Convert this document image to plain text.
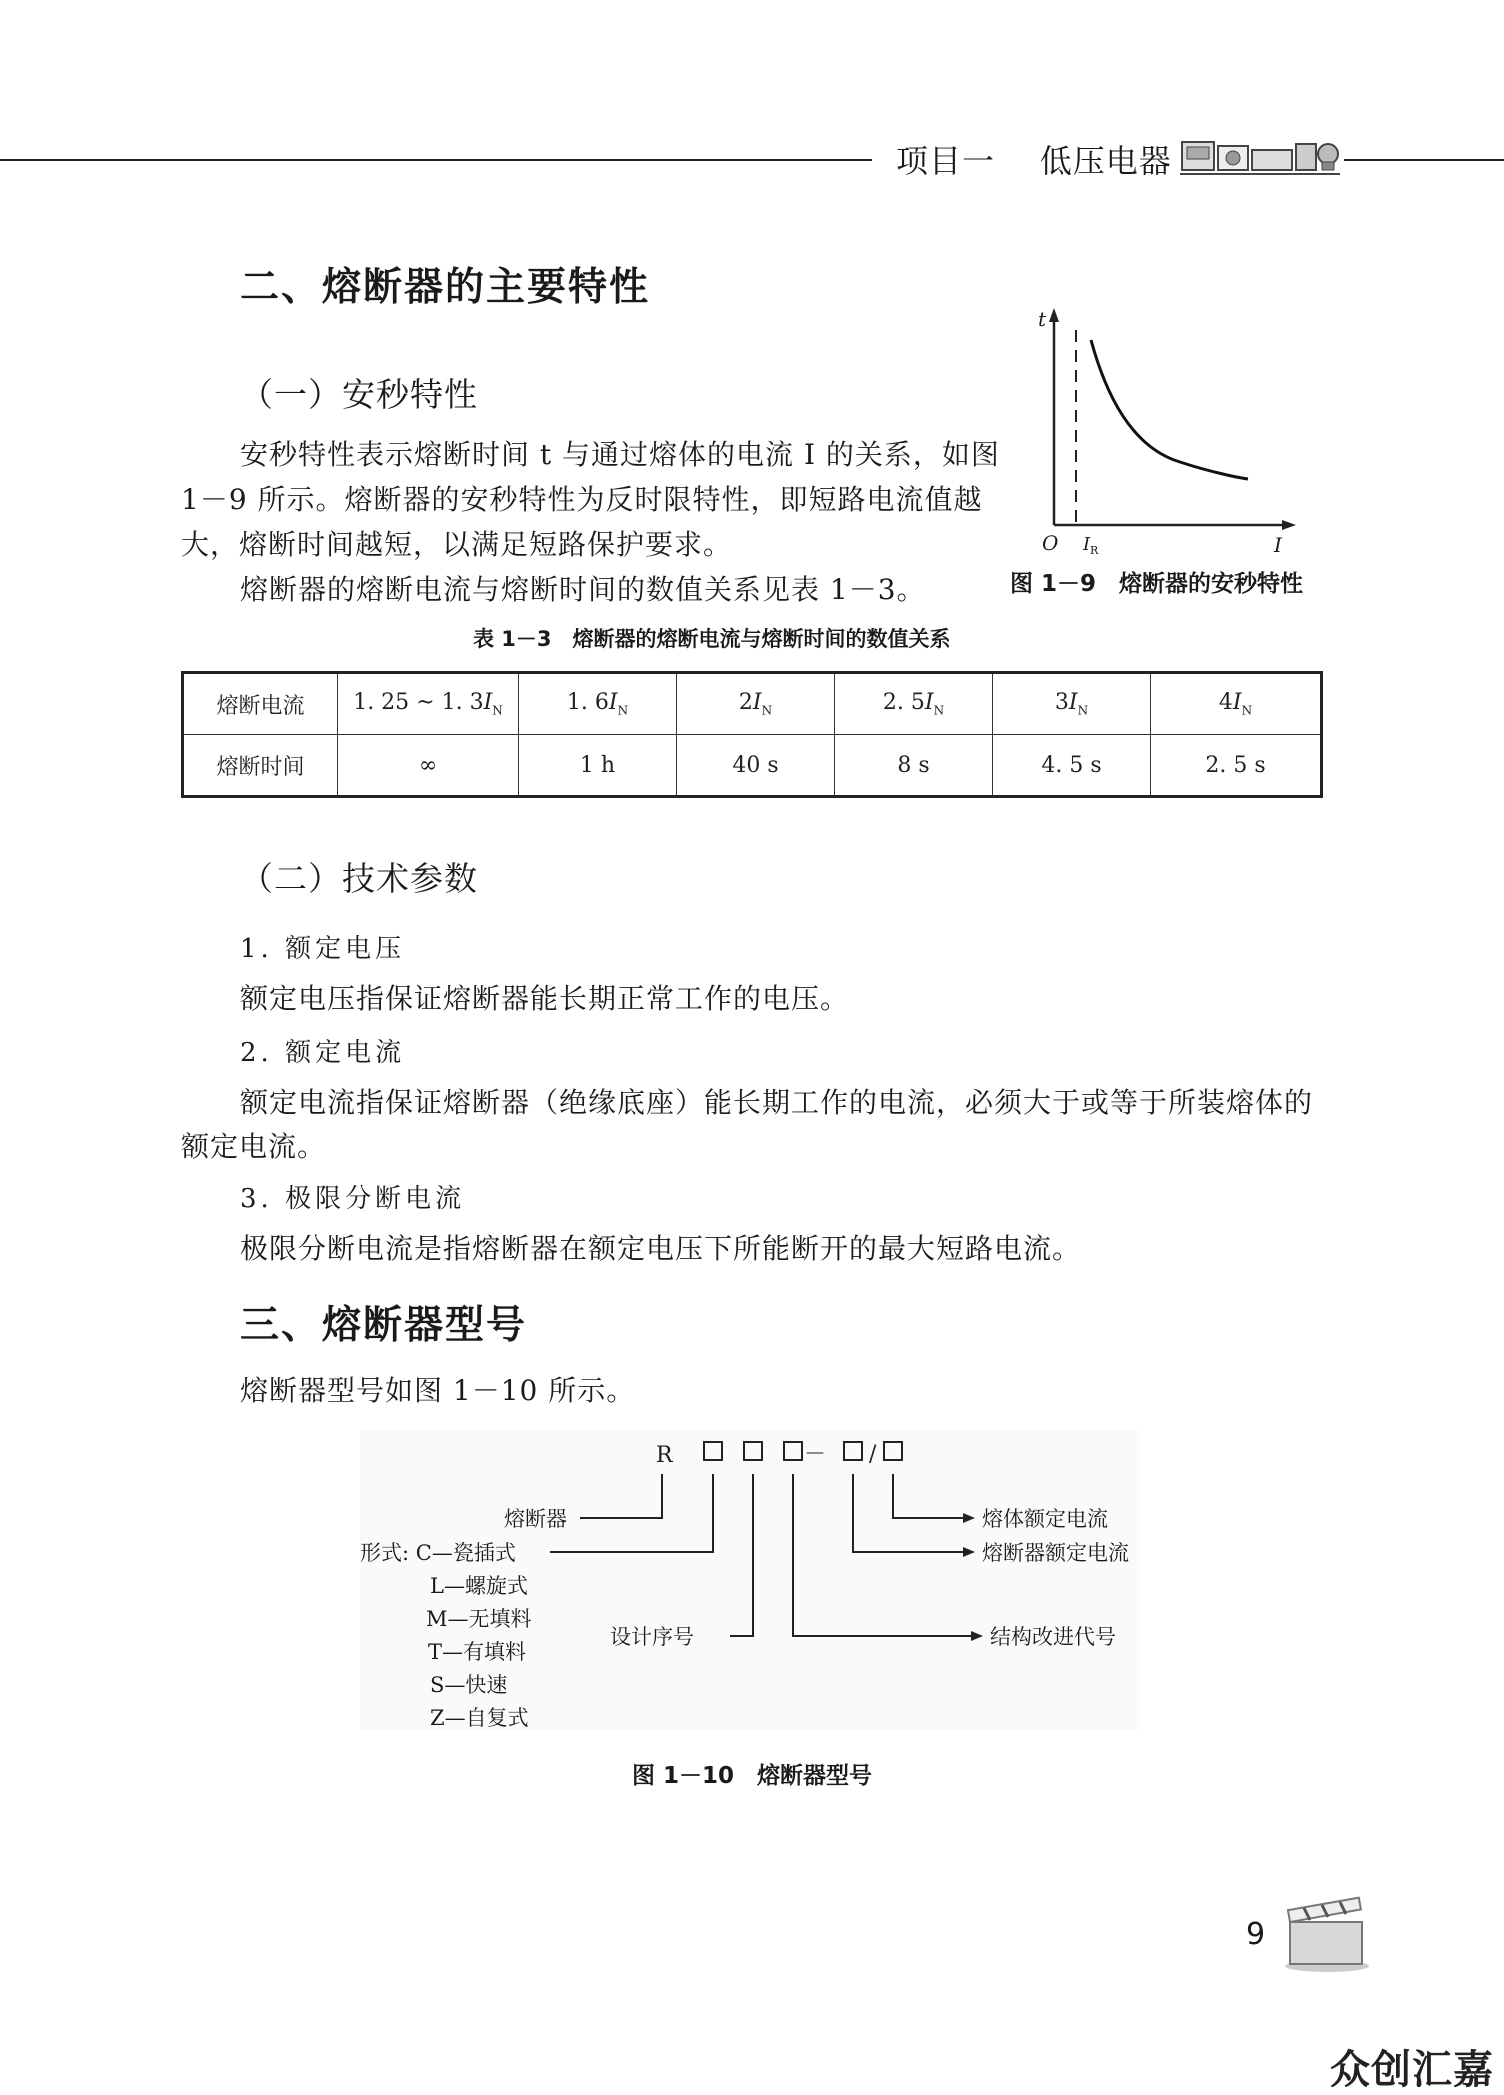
项目一    低压电器
二、熔断器的主要特性
（一）安秒特性
安秒特性表示熔断时间 t 与通过熔体的电流 I 的关系，如图
1－9 所示。熔断器的安秒特性为反时限特性，即短路电流值越
大，熔断时间越短，以满足短路保护要求。
熔断器的熔断电流与熔断时间的数值关系见表 1－3。
t
O I R	I
图 1－9　熔断器的安秒特性
表 1－3　熔断器的熔断电流与熔断时间的数值关系
熔断电流	1. 25 ~ 1. $3I_N$	1. $6I_N$	$2I_N$	2. $5I_N$	$3I_N$	$4I_N$
熔断时间	∞	1 h	40 s	8 s	4. 5 s	2. 5 s
（二）技术参数
1. 额定电压
额定电压指保证熔断器能长期正常工作的电压。
2. 额定电流
额定电流指保证熔断器（绝缘底座）能长期工作的电流，必须大于或等于所装熔体的
额定电流。
3. 极限分断电流
极限分断电流是指熔断器在额定电压下所能断开的最大短路电流。
三、熔断器型号
熔断器型号如图 1－10 所示。
R	－ /
熔断器
形式: C—瓷插式
L—螺旋式
M—无填料
T—有填料
S—快速
Z—自复式
设计序号
熔体额定电流
熔断器额定电流
结构改进代号
图 1－10　熔断器型号
9
众创汇嘉
